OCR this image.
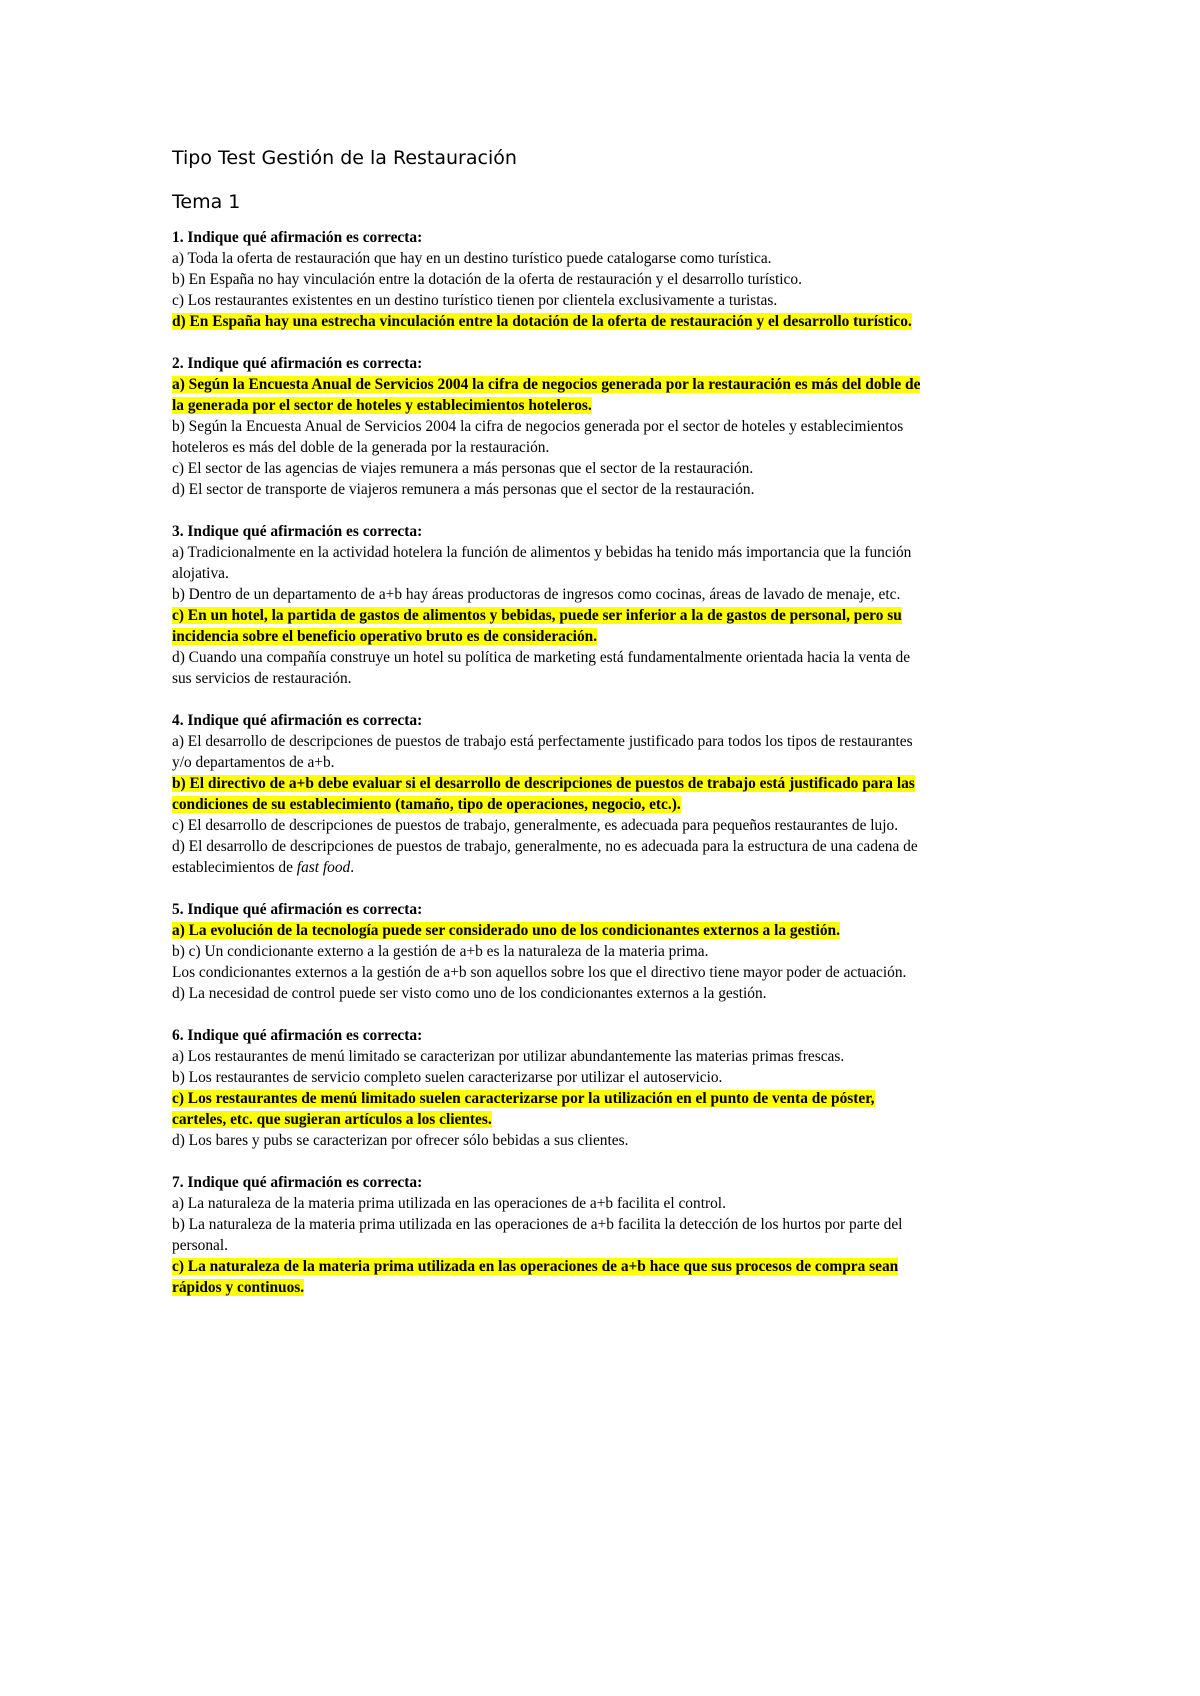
Tipo Test Gestión de la Restauración
Tema 1
1. Indique qué afirmación es correcta:
a) Toda la oferta de restauración que hay en un destino turístico puede catalogarse como turística.
b) En España no hay vinculación entre la dotación de la oferta de restauración y el desarrollo turístico.
c) Los restaurantes existentes en un destino turístico tienen por clientela exclusivamente a turistas.
d) En España hay una estrecha vinculación entre la dotación de la oferta de restauración y el desarrollo turístico.
2. Indique qué afirmación es correcta:
a) Según la Encuesta Anual de Servicios 2004 la cifra de negocios generada por la restauración es más del doble de la generada por el sector de hoteles y establecimientos hoteleros.
b) Según la Encuesta Anual de Servicios 2004 la cifra de negocios generada por el sector de hoteles y establecimientos hoteleros es más del doble de la generada por la restauración.
c) El sector de las agencias de viajes remunera a más personas que el sector de la restauración.
d) El sector de transporte de viajeros remunera a más personas que el sector de la restauración.
3. Indique qué afirmación es correcta:
a) Tradicionalmente en la actividad hotelera la función de alimentos y bebidas ha tenido más importancia que la función alojativa.
b) Dentro de un departamento de a+b hay áreas productoras de ingresos como cocinas, áreas de lavado de menaje, etc.
c) En un hotel, la partida de gastos de alimentos y bebidas, puede ser inferior a la de gastos de personal, pero su incidencia sobre el beneficio operativo bruto es de consideración.
d) Cuando una compañía construye un hotel su política de marketing está fundamentalmente orientada hacia la venta de sus servicios de restauración.
4. Indique qué afirmación es correcta:
a) El desarrollo de descripciones de puestos de trabajo está perfectamente justificado para todos los tipos de restaurantes y/o departamentos de a+b.
b) El directivo de a+b debe evaluar si el desarrollo de descripciones de puestos de trabajo está justificado para las condiciones de su establecimiento (tamaño, tipo de operaciones, negocio, etc.).
c) El desarrollo de descripciones de puestos de trabajo, generalmente, es adecuada para pequeños restaurantes de lujo.
d) El desarrollo de descripciones de puestos de trabajo, generalmente, no es adecuada para la estructura de una cadena de establecimientos de fast food.
5. Indique qué afirmación es correcta:
a) La evolución de la tecnología puede ser considerado uno de los condicionantes externos a la gestión.
b) c) Un condicionante externo a la gestión de a+b es la naturaleza de la materia prima.
Los condicionantes externos a la gestión de a+b son aquellos sobre los que el directivo tiene mayor poder de actuación.
d) La necesidad de control puede ser visto como uno de los condicionantes externos a la gestión.
6. Indique qué afirmación es correcta:
a) Los restaurantes de menú limitado se caracterizan por utilizar abundantemente las materias primas frescas.
b) Los restaurantes de servicio completo suelen caracterizarse por utilizar el autoservicio.
c) Los restaurantes de menú limitado suelen caracterizarse por la utilización en el punto de venta de póster, carteles, etc. que sugieran artículos a los clientes.
d) Los bares y pubs se caracterizan por ofrecer sólo bebidas a sus clientes.
7. Indique qué afirmación es correcta:
a) La naturaleza de la materia prima utilizada en las operaciones de a+b facilita el control.
b) La naturaleza de la materia prima utilizada en las operaciones de a+b facilita la detección de los hurtos por parte del personal.
c) La naturaleza de la materia prima utilizada en las operaciones de a+b hace que sus procesos de compra sean rápidos y continuos.
